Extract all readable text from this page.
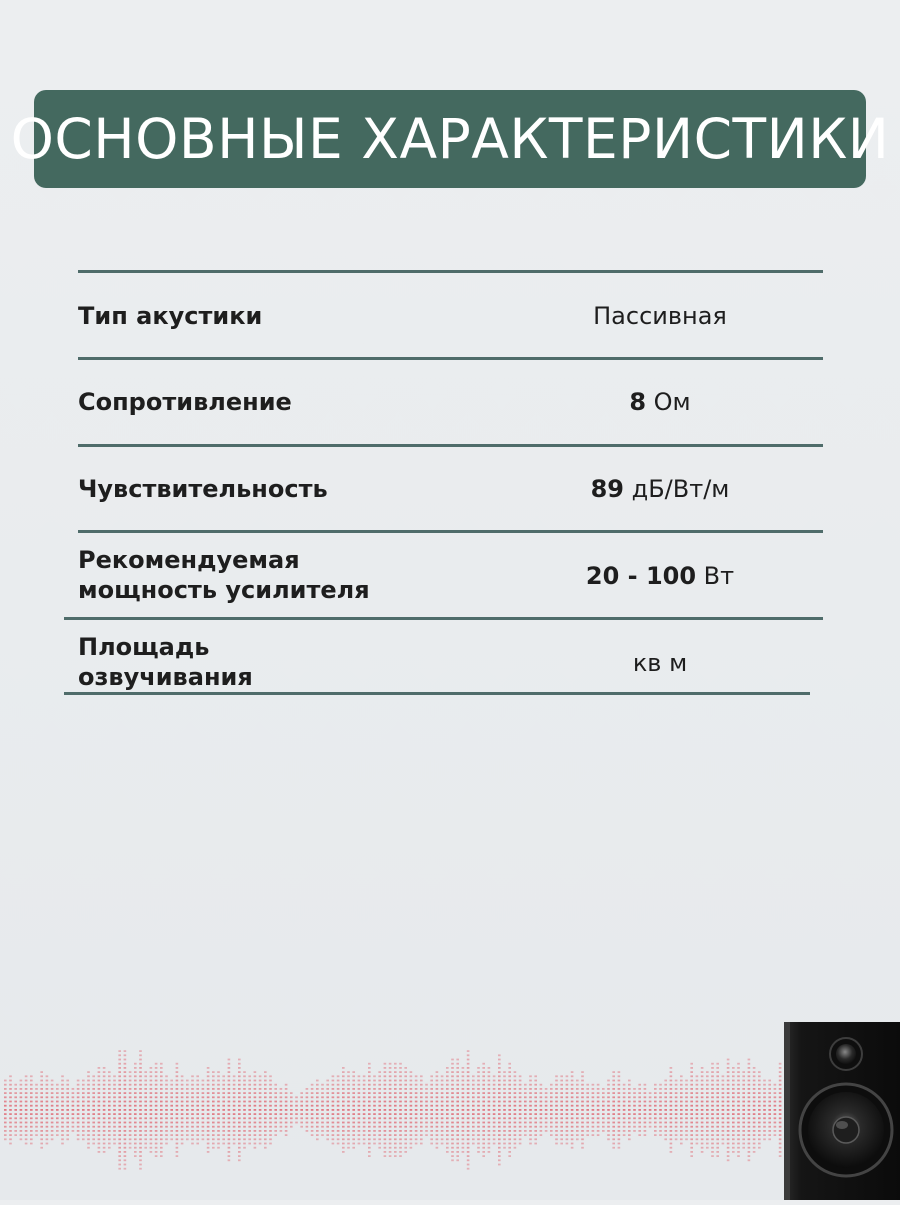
ОСНОВНЫЕ ХАРАКТЕРИСТИКИ
Тип акустики	Пассивная
Сопротивление	8 Ом
Чувствительность	89 дБ/Вт/м
Рекомендуемая
мощность усилителя	20 - 100 Вт
Площадь
озвучивания	кв м
